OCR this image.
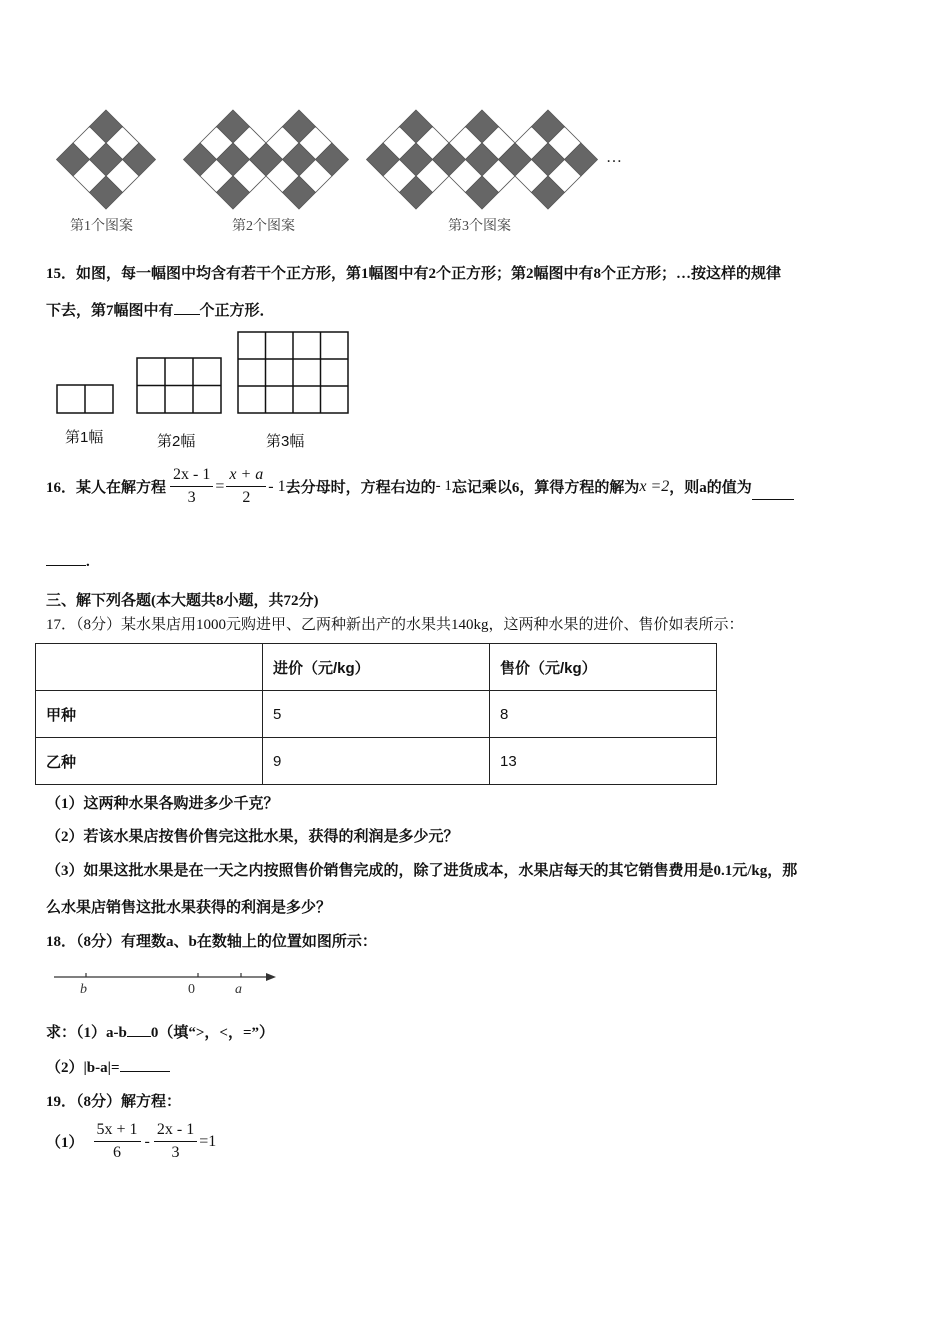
…
第1个图案	第2个图案	第3个图案
15．如图，每一幅图中均含有若干个正方形，第1幅图中有2个正方形；第2幅图中有8个正方形；…按这样的规律
下去，第7幅图中有 个正方形．
第1幅	第2幅	第3幅
16．某人在解方程 $\frac{2x - 1}{3} = \frac{x + a}{2} - 1$ 去分母时，方程右边的 - 1 忘记乘以6，算得方程的解为 x =2 ，则a的值为
.
三、解下列各题(本大题共8小题，共72分)
17．（8分）某水果店用1000元购进甲、乙两种新出产的水果共140kg，这两种水果的进价、售价如表所示：
	进价（元/kg）	售价（元/kg）
甲种	5	8
乙种	9	13
（1）这两种水果各购进多少千克？
（2）若该水果店按售价售完这批水果，获得的利润是多少元？
（3）如果这批水果是在一天之内按照售价销售完成的，除了进货成本，水果店每天的其它销售费用是0.1元/kg，那
么水果店销售这批水果获得的利润是多少？
18．（8分）有理数a、b在数轴上的位置如图所示：
b	0	a
求：（1）a-b 0（填“>，<，=”）
（2）|b-a|=
19．（8分）解方程：
$(1) \frac{5x + 1}{6} - \frac{2x - 1}{3} =1$
